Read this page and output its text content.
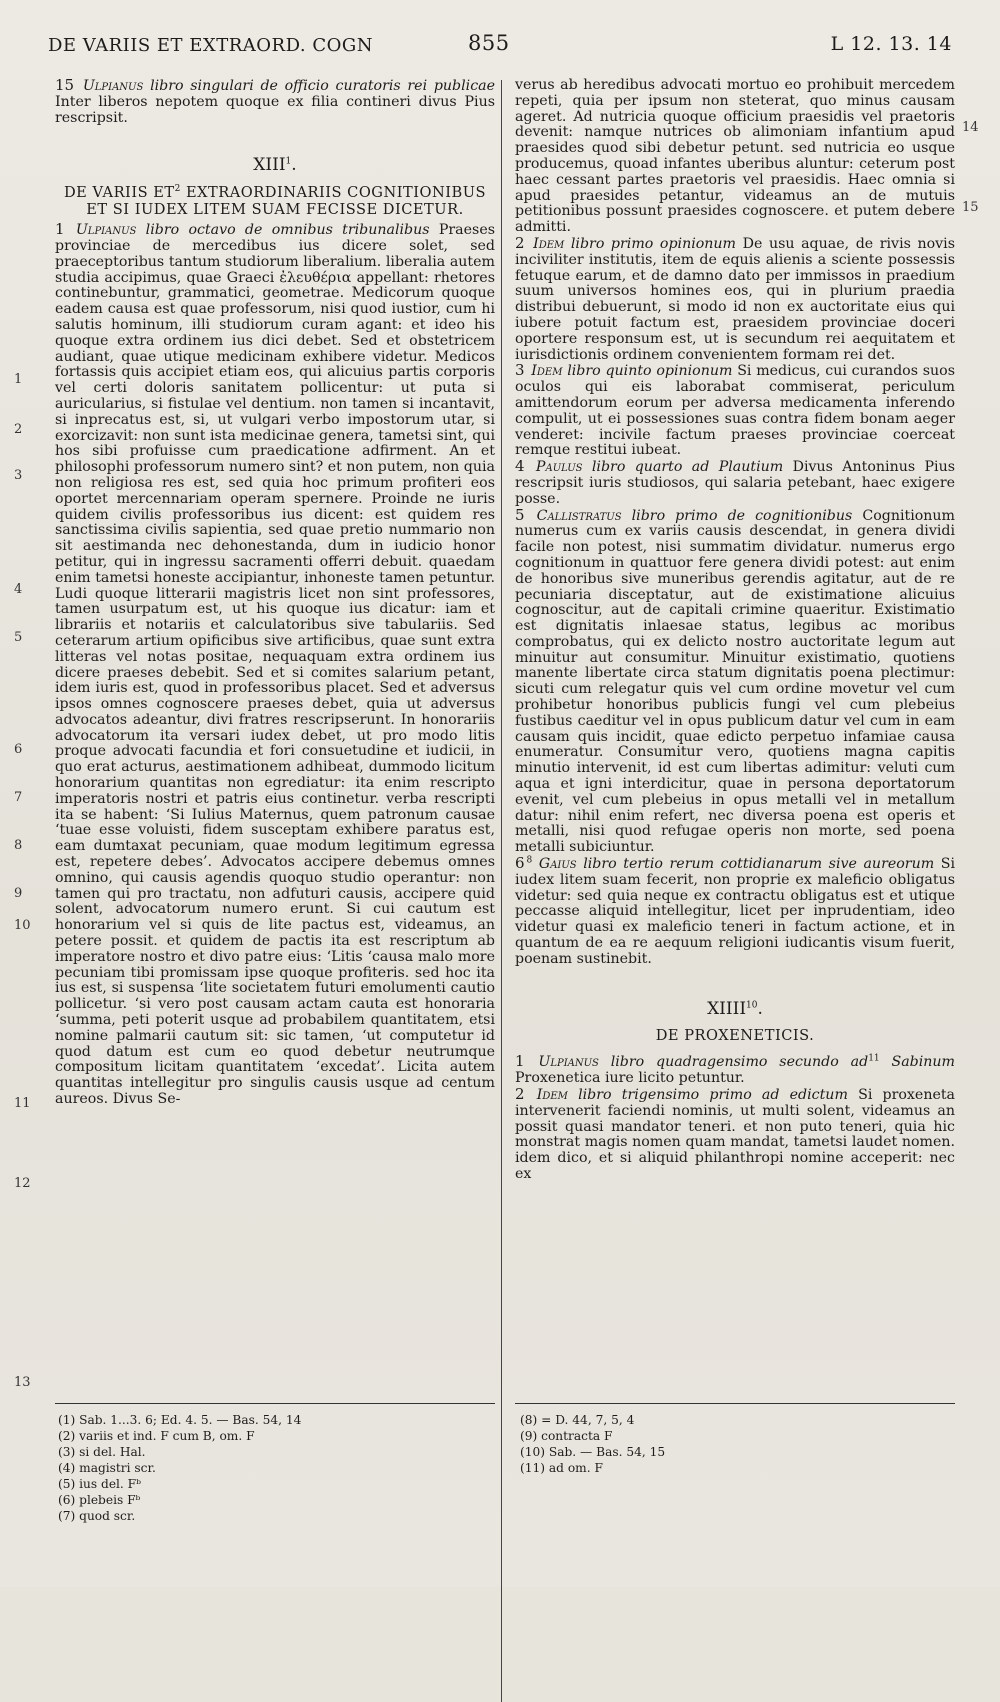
DE VARIIS ET EXTRAORD. COGN	855	L 12. 13. 14

15 Ulpianus libro singulari de officio curatoris rei publicae Inter liberos nepotem quoque ex filia contineri divus Pius rescripsit.

XIII$^1$.
DE VARIIS $ET^2$ EXTRAORDINARIIS COGNITIONIBUS ET SI IUDEX LITEM SUAM FECISSE DICETUR.

1 Ulpianus libro octavo de omnibus tribunalibus Praeses provinciae de mercedibus ius dicere solet, sed praeceptoribus tantum studiorum liberalium. liberalia autem studia accipimus, quae Graeci ἐλευθέρια appellant: rhetores continebuntur, grammatici, geometrae. Medicorum quoque eadem causa est quae professorum, nisi quod iustior, cum hi salutis hominum, illi studiorum curam agant: et ideo his quoque extra ordinem ius dici debet. Sed et obstetricem audiant, quae utique medicinam exhibere videtur. Medicos fortassis quis accipiet etiam eos, qui alicuius partis corporis vel certi doloris sanitatem pollicentur: ut puta si auricularius, si fistulae vel dentium. non tamen si incantavit, si inprecatus est, si, ut vulgari verbo impostorum utar, si exorcizavit: non sunt ista medicinae genera, tametsi sint, qui hos sibi profuisse cum praedicatione adfirment. An et philosophi professorum numero sint? et non putem, non quia non religiosa res est, sed quia hoc primum profiteri eos oportet mercennariam operam spernere. Proinde ne iuris quidem civilis professoribus ius dicent: est quidem res sanctissima civilis sapientia, sed quae pretio nummario non sit aestimanda nec dehonestanda, dum in iudicio honor petitur, qui in ingressu sacramenti offerri debuit. quaedam enim tametsi honeste accipiantur, inhoneste tamen petuntur. Ludi quoque litterarii magistris licet non sint professores, tamen usurpatum est, ut his quoque ius dicatur: iam et librariis et notariis et calculatoribus sive tabulariis. Sed ceterarum artium opificibus sive artificibus, quae sunt extra litteras vel notas positae, nequaquam extra ordinem ius dicere praeses debebit. Sed et si comites salarium petant, idem iuris est, quod in professoribus placet. Sed et adversus ipsos omnes cognoscere praeses debet, quia ut adversus advocatos adeantur, divi fratres rescripserunt. In honorariis advocatorum ita versari iudex debet, ut pro modo litis proque advocati facundia et fori consuetudine et iudicii, in quo erat acturus, aestimationem adhibeat, dummodo licitum honorarium quantitas non egrediatur: ita enim rescripto imperatoris nostri et patris eius continetur. verba rescripti ita se habent: ‘Si Iulius Maternus, quem patronum causae ‘tuae esse voluisti, fidem susceptam exhibere paratus est, eam dumtaxat pecuniam, quae modum legitimum egressa est, repetere debes’. Advocatos accipere debemus omnes omnino, qui causis agendis quoquo studio operantur: non tamen qui pro tractatu, non adfuturi causis, accipere quid solent, advocatorum numero erunt. Si cui cautum est honorarium vel si quis de lite pactus est, videamus, an petere possit. et quidem de pactis ita est rescriptum ab imperatore nostro et divo patre eius: ‘Litis ‘causa malo more pecuniam tibi promissam ipse quoque profiteris. sed hoc ita ius est, si suspensa ‘lite societatem futuri emolumenti cautio pollicetur. ‘si vero post causam actam cauta est honoraria ‘summa, peti poterit usque ad probabilem quantitatem, etsi nomine palmarii cautum sit: sic tamen, ‘ut computetur id quod datum est cum eo quod debetur neutrumque compositum licitam quantitatem ‘excedat’. Licita autem quantitas intellegitur pro singulis causis usque ad centum aureos. Divus Se-

verus ab heredibus advocati mortuo eo prohibuit mercedem repeti, quia per ipsum non steterat, quo minus causam ageret. Ad nutricia quoque officium praesidis vel praetoris devenit: namque nutrices ob alimoniam infantium apud praesides quod sibi debetur petunt. sed nutricia eo usque producemus, quoad infantes uberibus aluntur: ceterum post haec cessant partes praetoris vel praesidis. Haec omnia si apud praesides petantur, videamus an de mutuis petitionibus possunt praesides cognoscere. et putem debere admitti.

2 Idem libro primo opinionum De usu aquae, de rivis novis inciviliter institutis, item de equis alienis a sciente possessis fetuque earum, et de damno dato per immissos in praedium suum universos homines eos, qui in plurium praedia distribui debuerunt, si modo id non ex auctoritate eius qui iubere potuit factum est, praesidem provinciae doceri oportere responsum est, ut is secundum rei aequitatem et iurisdictionis ordinem convenientem formam rei det.

3 Idem libro quinto opinionum Si medicus, cui curandos suos oculos qui eis laborabat commiserat, periculum amittendorum eorum per adversa medicamenta inferendo compulit, ut ei possessiones suas contra fidem bonam aeger venderet: incivile factum praeses provinciae coerceat remque restitui iubeat.

4 Paulus libro quarto ad Plautium Divus Antoninus Pius rescripsit iuris studiosos, qui salaria petebant, haec exigere posse.

5 Callistratus libro primo de cognitionibus Cognitionum numerus cum ex variis causis descendat, in genera dividi facile non potest, nisi summatim dividatur. numerus ergo cognitionum in quattuor fere genera dividi potest: aut enim de honoribus sive muneribus gerendis agitatur, aut de re pecuniaria disceptatur, aut de existimatione alicuius cognoscitur, aut de capitali crimine quaeritur. Existimatio est dignitatis inlaesae status, legibus ac moribus comprobatus, qui ex delicto nostro auctoritate legum aut minuitur aut consumitur. Minuitur existimatio, quotiens manente libertate circa statum dignitatis poena plectimur: sicuti cum relegatur quis vel cum ordine movetur vel cum prohibetur honoribus publicis fungi vel cum plebeius fustibus caeditur vel in opus publicum datur vel cum in eam causam quis incidit, quae edicto perpetuo infamiae causa enumeratur. Consumitur vero, quotiens magna capitis minutio intervenit, id est cum libertas adimitur: veluti cum aqua et igni interdicitur, quae in persona deportatorum evenit, vel cum plebeius in opus metalli vel in metallum datur: nihil enim refert, nec diversa poena est operis et metalli, nisi quod refugae operis non morte, sed poena metalli subiciuntur.

6 $^8$ Gaius libro tertio rerum cottidianarum sive aureorum Si iudex litem suam fecerit, non proprie ex maleficio obligatus videtur: sed quia neque ex contractu obligatus est et utique peccasse aliquid intellegitur, licet per inprudentiam, ideo videtur quasi ex maleficio teneri in factum actione, et in quantum de ea re aequum religioni iudicantis visum fuerit, poenam sustinebit.

XIIII$^{10}$.
DE PROXENETICIS.

1 Ulpianus libro quadragensimo secundo $ad^{11}$ Sabinum Proxenetica iure licito petuntur.

2 Idem libro trigensimo primo ad edictum Si proxeneta intervenerit faciendi nominis, ut multi solent, videamus an possit quasi mandator teneri. et non puto teneri, quia hic monstrat magis nomen quam mandat, tametsi laudet nomen. idem dico, et si aliquid philanthropi nomine acceperit: nec ex

(1) Sab. 1...3. 6; Ed. 4. 5. — Bas. 54, 14
(2) variis et ind. F cum B, om. F
(3) si del. Hal.
(4) magistri scr.
(5) ius del. Fᵇ
(6) plebeis Fᵇ
(7) quod scr.
(8) = D. 44, 7, 5, 4
(9) contracta F
(10) Sab. — Bas. 54, 15
(11) ad om. F
1
2
3
4
5
6
7
8
9
10
11
12
13
14
15
